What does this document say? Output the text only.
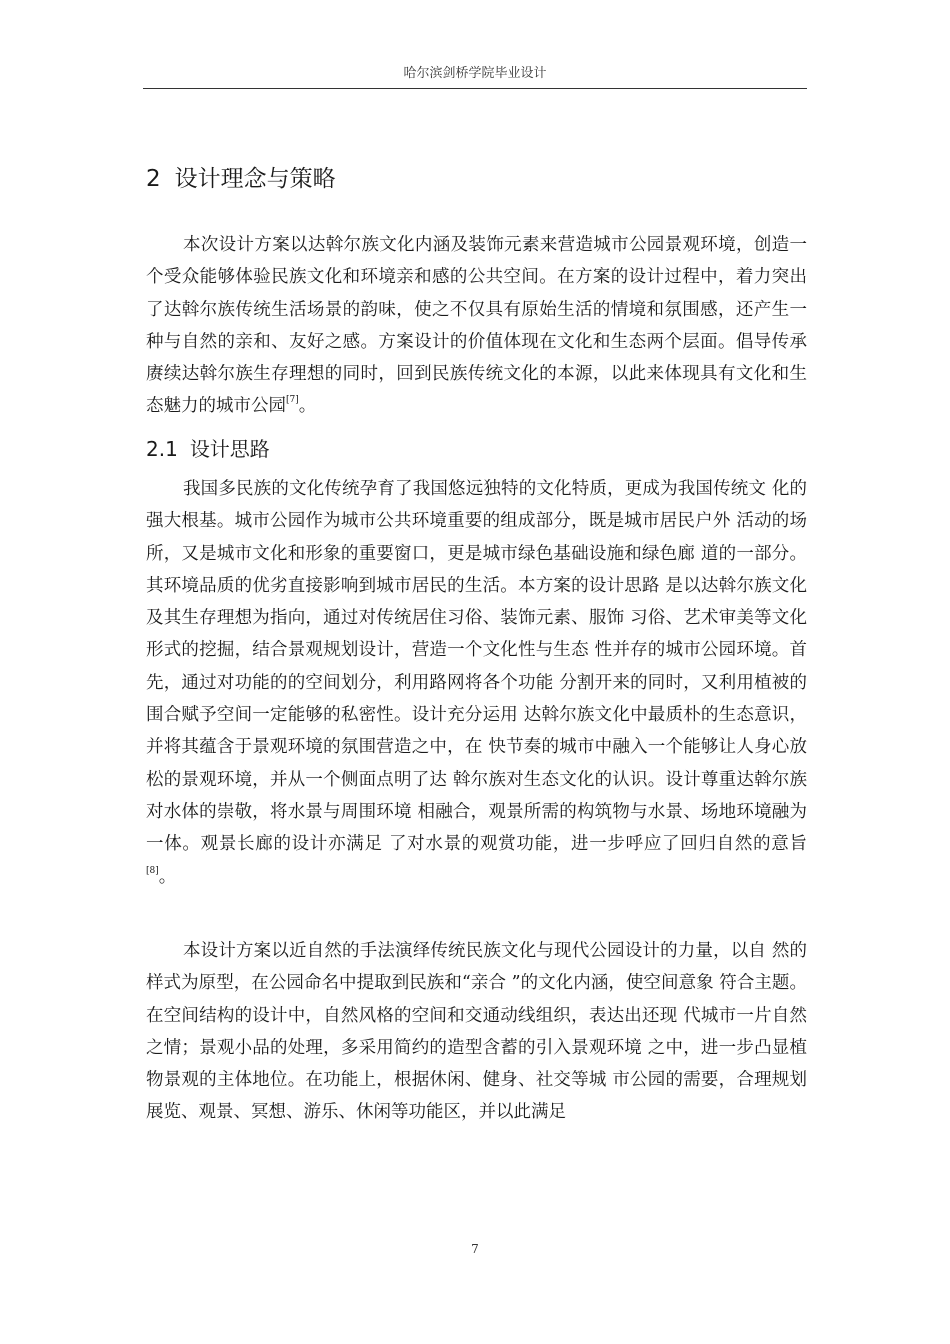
哈尔滨剑桥学院毕业设计
2 设计理念与策略

本次设计方案以达斡尔族文化内涵及装饰元素来营造城市公园景观环境，创造一个受众能够体验民族文化和环境亲和感的公共空间。在方案的设计过程中，着力突出了达斡尔族传统生活场景的韵味，使之不仅具有原始生活的情境和氛围感，还产生一种与自然的亲和、友好之感。方案设计的价值体现在文化和生态两个层面。倡导传承赓续达斡尔族生存理想的同时，回到民族传统文化的本源，以此来体现具有文化和生态魅力的城市公园[7]。

2.1 设计思路

我国多民族的文化传统孕育了我国悠远独特的文化特质，更成为我国传统文 化的强大根基。城市公园作为城市公共环境重要的组成部分，既是城市居民户外 活动的场所，又是城市文化和形象的重要窗口，更是城市绿色基础设施和绿色廊 道的一部分。其环境品质的优劣直接影响到城市居民的生活。本方案的设计思路 是以达斡尔族文化及其生存理想为指向，通过对传统居住习俗、装饰元素、服饰 习俗、艺术审美等文化形式的挖掘，结合景观规划设计，营造一个文化性与生态 性并存的城市公园环境。首先，通过对功能的的空间划分，利用路网将各个功能 分割开来的同时，又利用植被的围合赋予空间一定能够的私密性。设计充分运用 达斡尔族文化中最质朴的生态意识，并将其蕴含于景观环境的氛围营造之中，在 快节奏的城市中融入一个能够让人身心放松的景观环境，并从一个侧面点明了达 斡尔族对生态文化的认识。设计尊重达斡尔族对水体的崇敬，将水景与周围环境 相融合，观景所需的构筑物与水景、场地环境融为一体。观景长廊的设计亦满足 了对水景的观赏功能，进一步呼应了回归自然的意旨[8]。

本设计方案以近自然的手法演绎传统民族文化与现代公园设计的力量，以自 然的样式为原型，在公园命名中提取到民族和“亲合 ”的文化内涵，使空间意象 符合主题。在空间结构的设计中，自然风格的空间和交通动线组织，表达出还现 代城市一片自然之情；景观小品的处理，多采用简约的造型含蓄的引入景观环境 之中，进一步凸显植物景观的主体地位。在功能上，根据休闲、健身、社交等城 市公园的需要，合理规划展览、观景、冥想、游乐、休闲等功能区，并以此满足

7
